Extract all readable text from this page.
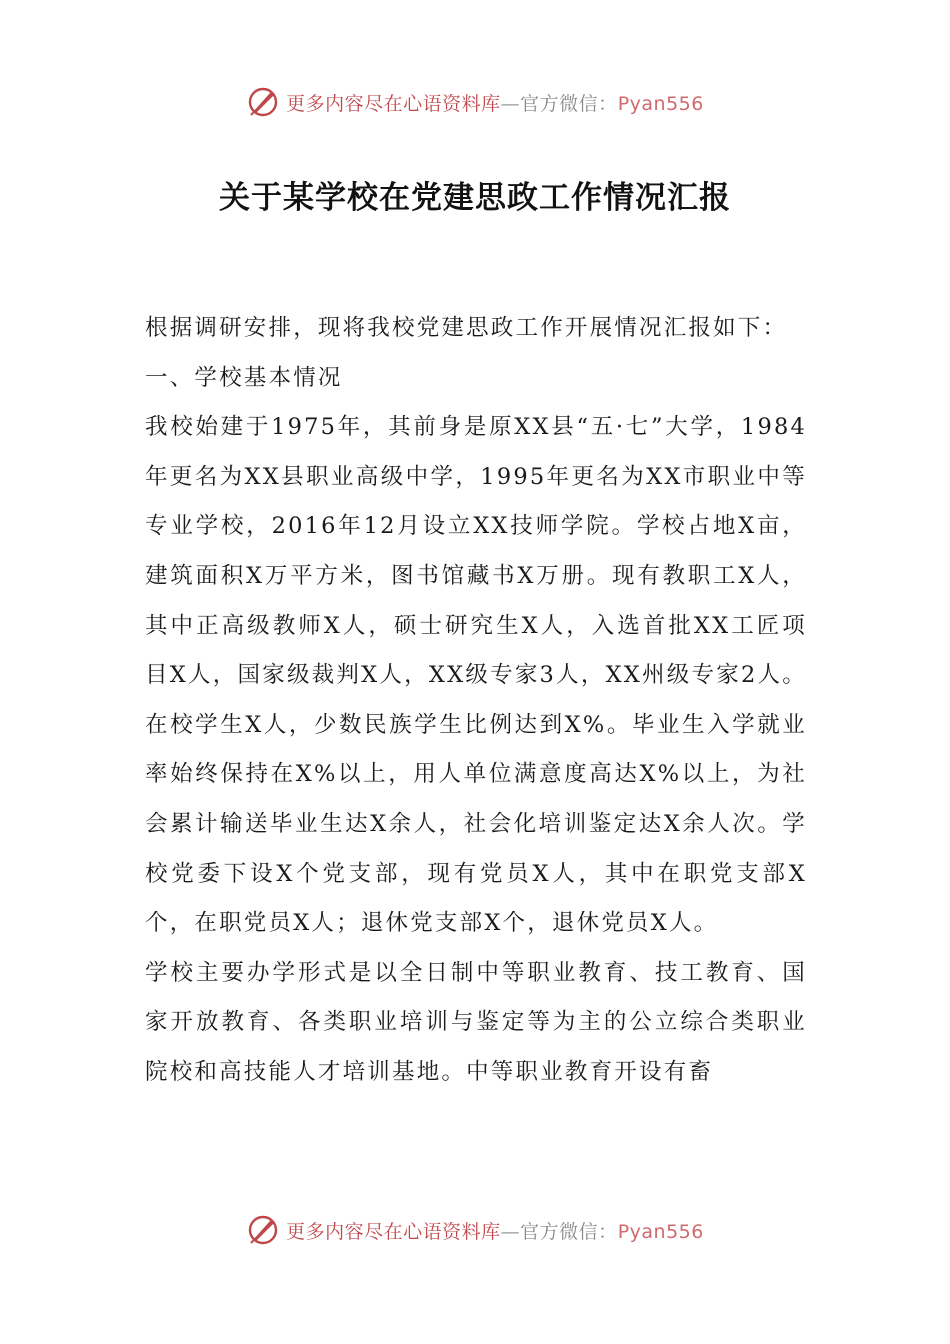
更多内容尽在心语资料库—官方微信：Pyan556
关于某学校在党建思政工作情况汇报

根据调研安排，现将我校党建思政工作开展情况汇报如下：

一、学校基本情况

我校始建于1975年，其前身是原XX县“五·七”大学，1984年更名为XX县职业高级中学，1995年更名为XX市职业中等专业学校，2016年12月设立XX技师学院。学校占地X亩，建筑面积X万平方米，图书馆藏书X万册。现有教职工X人，其中正高级教师X人，硕士研究生X人，入选首批XX工匠项目X人，国家级裁判X人，XX级专家3人，XX州级专家2人。在校学生X人，少数民族学生比例达到X%。毕业生入学就业率始终保持在X%以上，用人单位满意度高达X%以上，为社会累计输送毕业生达X余人，社会化培训鉴定达X余人次。学校党委下设X个党支部，现有党员X人，其中在职党支部X个，在职党员X人；退休党支部X个，退休党员X人。

学校主要办学形式是以全日制中等职业教育、技工教育、国家开放教育、各类职业培训与鉴定等为主的公立综合类职业院校和高技能人才培训基地。中等职业教育开设有畜

更多内容尽在心语资料库—官方微信：Pyan556
